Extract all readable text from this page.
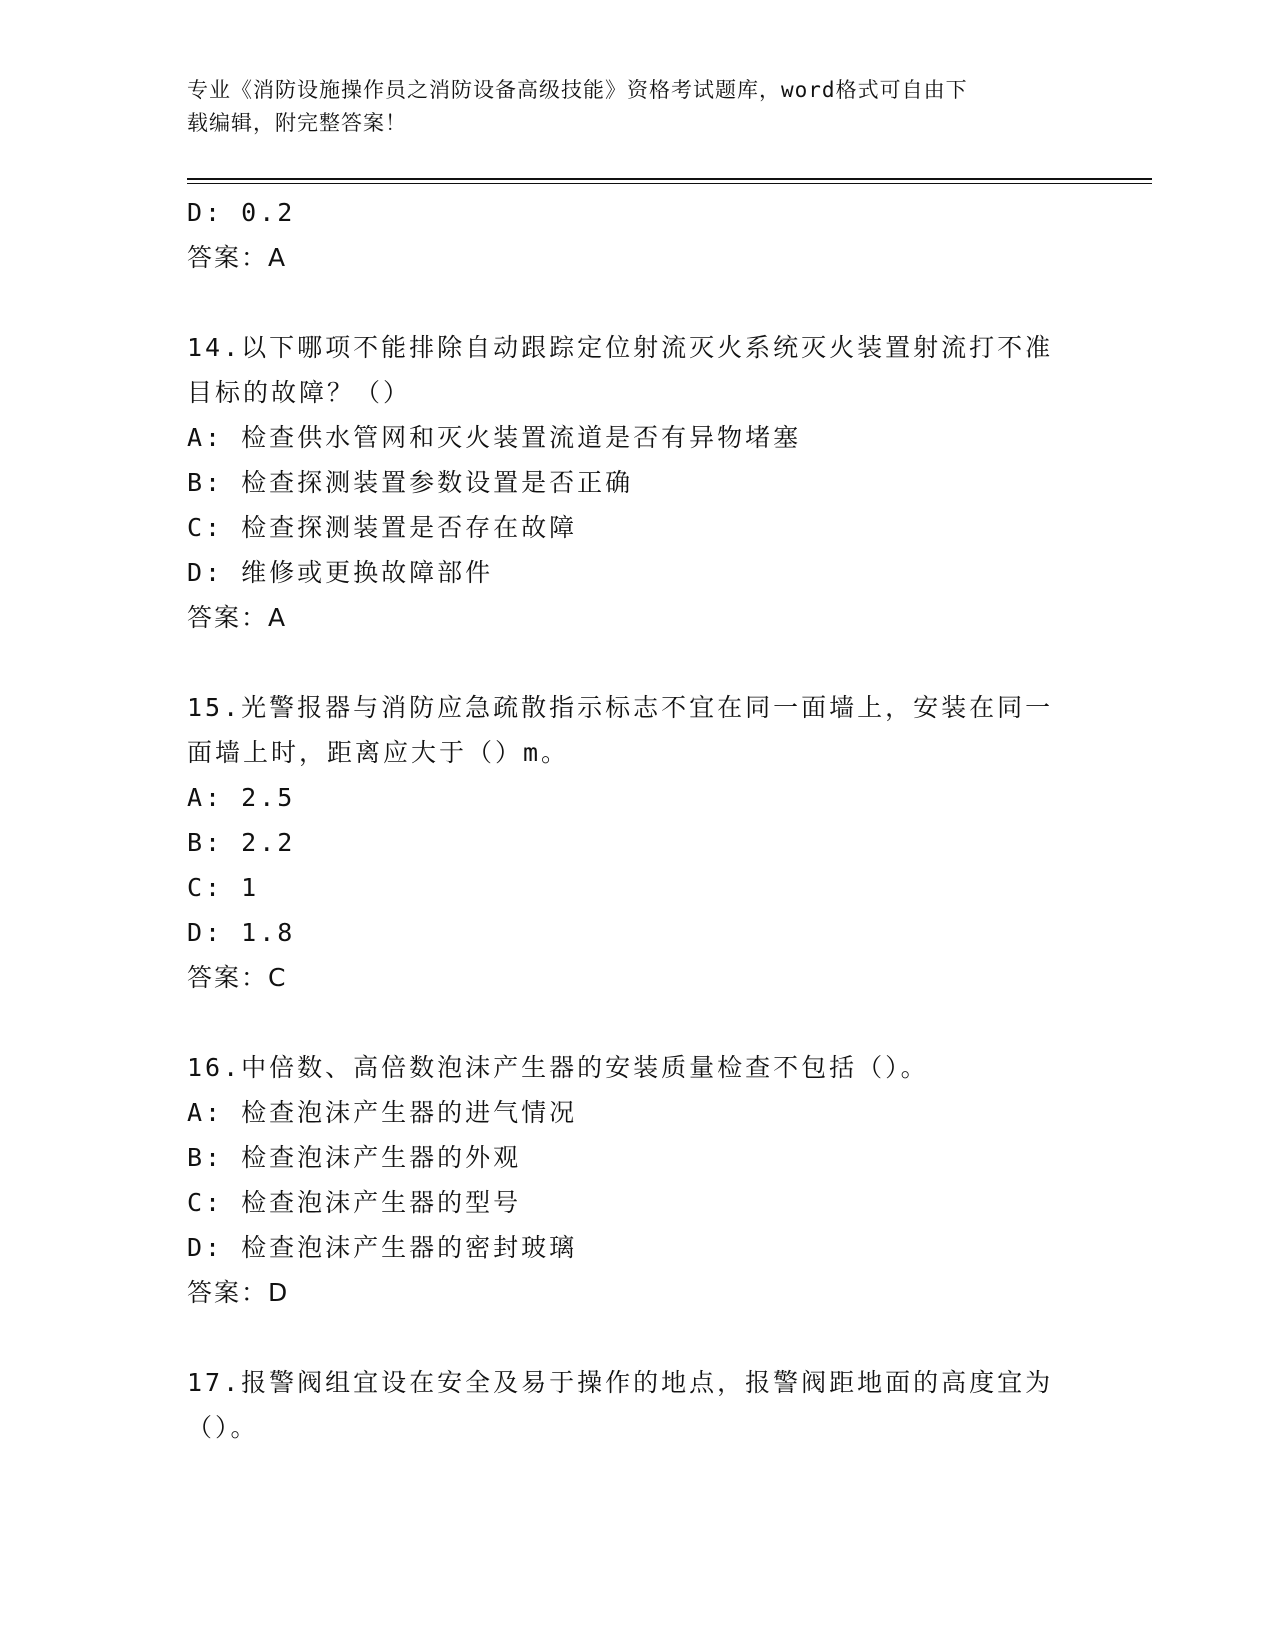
专业《消防设施操作员之消防设备高级技能》资格考试题库，word格式可自由下
载编辑，附完整答案！
D: 0.2
答案：A
14.以下哪项不能排除自动跟踪定位射流灭火系统灭火装置射流打不准
目标的故障？（）
A: 检查供水管网和灭火装置流道是否有异物堵塞
B: 检查探测装置参数设置是否正确
C: 检查探测装置是否存在故障
D: 维修或更换故障部件
答案：A
15.光警报器与消防应急疏散指示标志不宜在同一面墙上，安装在同一
面墙上时，距离应大于（）m。
A: 2.5
B: 2.2
C: 1
D: 1.8
答案：C
16.中倍数、高倍数泡沫产生器的安装质量检查不包括（）。
A: 检查泡沫产生器的进气情况
B: 检查泡沫产生器的外观
C: 检查泡沫产生器的型号
D: 检查泡沫产生器的密封玻璃
答案：D
17.报警阀组宜设在安全及易于操作的地点，报警阀距地面的高度宜为
（）。
